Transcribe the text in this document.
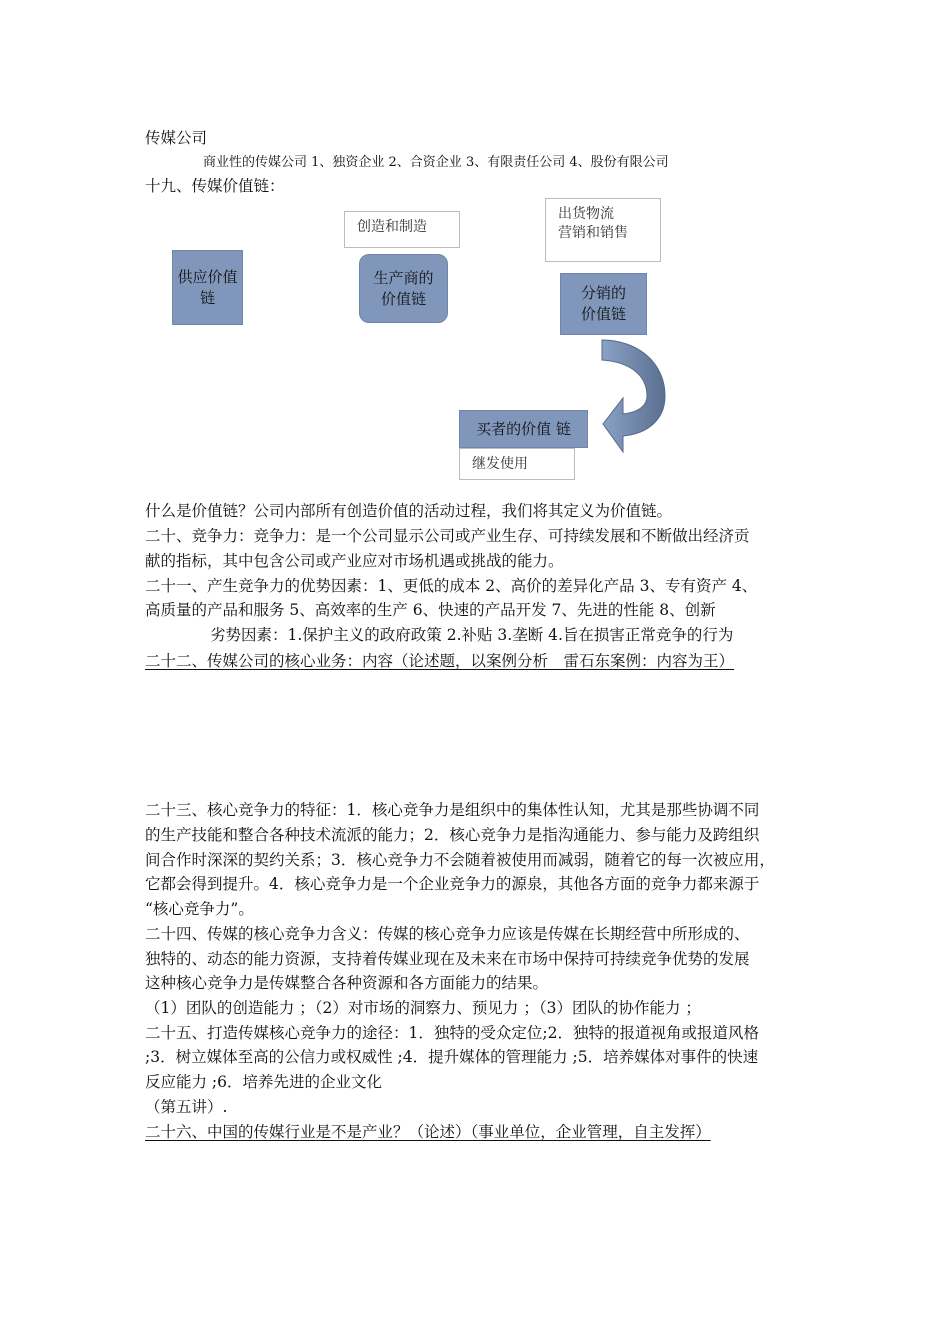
传媒公司
商业性的传媒公司 1、独资企业 2、合资企业 3、有限责任公司 4、股份有限公司
十九、传媒价值链：
创造和制造
出货物流
营销和销售
供应价值链
生产商的
价值链	分销的
价值链
买者的价值 链
继发使用
什么是价值链？公司内部所有创造价值的活动过程，我们将其定义为价值链。
二十、竞争力：竞争力：是一个公司显示公司或产业生存、可持续发展和不断做出经济贡
献的指标，其中包含公司或产业应对市场机遇或挑战的能力。
二十一、产生竞争力的优势因素：1、更低的成本 2、高价的差异化产品 3、专有资产 4、
高质量的产品和服务 5、高效率的生产 6、快速的产品开发 7、先进的性能 8、创新
劣势因素：1.保护主义的政府政策 2.补贴 3.垄断 4.旨在损害正常竞争的行为
二十二、传媒公司的核心业务：内容（论述题，以案例分析　雷石东案例：内容为王）
二十三、核心竞争力的特征：1．核心竞争力是组织中的集体性认知，尤其是那些协调不同
的生产技能和整合各种技术流派的能力；2．核心竞争力是指沟通能力、参与能力及跨组织
间合作时深深的契约关系；3．核心竞争力不会随着被使用而减弱，随着它的每一次被应用，
它都会得到提升。4．核心竞争力是一个企业竞争力的源泉，其他各方面的竞争力都来源于
“核心竞争力”。
二十四、传媒的核心竞争力含义：传媒的核心竞争力应该是传媒在长期经营中所形成的、
独特的、动态的能力资源，支持着传媒业现在及未来在市场中保持可持续竞争优势的发展
这种核心竞争力是传媒整合各种资源和各方面能力的结果。
（1）团队的创造能力 ；（2）对市场的洞察力、预见力 ；（3）团队的协作能力 ；
二十五、打造传媒核心竞争力的途径：1．独特的受众定位;2．独特的报道视角或报道风格
;3．树立媒体至高的公信力或权威性 ;4．提升媒体的管理能力 ;5．培养媒体对事件的快速
反应能力 ;6．培养先进的企业文化
（第五讲）.
二十六、中国的传媒行业是不是产业？（论述）（事业单位，企业管理，自主发挥）
